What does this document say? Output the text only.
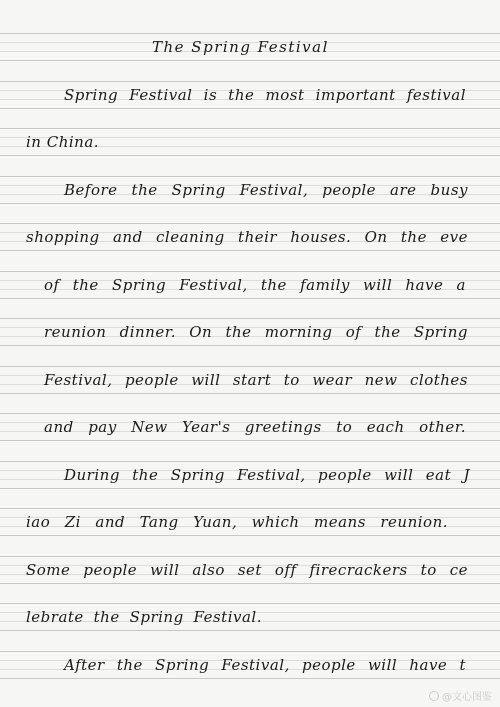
The Spring Festival
Spring Festival is the most important festival
in China.
Before the Spring Festival, people are busy
shopping and cleaning their houses. On the eve
of the Spring Festival, the family will have a
reunion dinner. On the morning of the Spring
Festival, people will start to wear new clothes
and pay New Year's greetings to each other.
During the Spring Festival, people will eat J
iao Zi and Tang Yuan, which means reunion.
Some people will also set off firecrackers to ce
lebrate the Spring Festival.
After the Spring Festival, people will have t
@文心图鉴
